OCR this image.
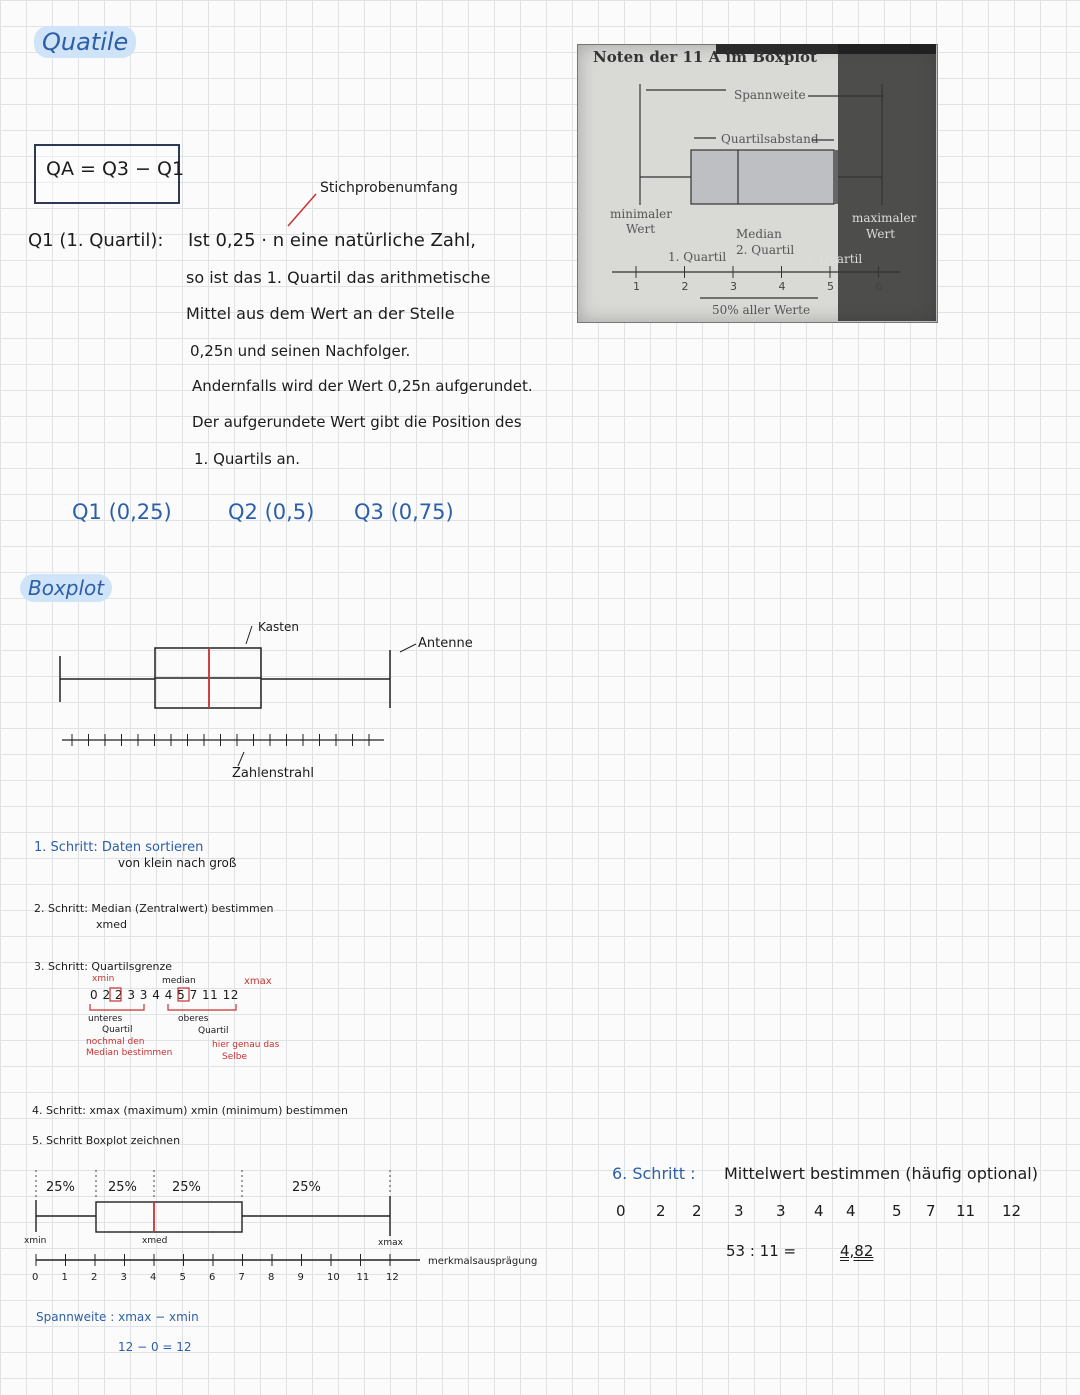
Quatile
QA = Q3 − Q1
Stichprobenumfang
Q1 (1. Quartil): Ist 0,25 · n eine natürliche Zahl,
so ist das 1. Quartil das arithmetische
Mittel aus dem Wert an der Stelle
0,25n und seinen Nachfolger.
Andernfalls wird der Wert 0,25n aufgerundet.
Der aufgerundete Wert gibt die Position des
1. Quartils an.
Q1 (0,25)	Q2 (0,5) Q3 (0,75)
Boxplot
Noten der 11 A im Boxplot
Spannweite
Quartilsabstand
minimaler
Wert	Median
2. Quartil
maximaler
Wert
1. Quartil	3. Quartil
50% aller Werte
1	2	3	4	5	6
Kasten
Antenne
Zahlenstrahl
1. Schritt: Daten sortieren
von klein nach groß
2. Schritt: Median (Zentralwert) bestimmen
xmed
3. Schritt: Quartilsgrenze
xmin	median	xmax
0 2 2 3 3 4 4 5 7 11 12
unteres
Quartil
nochmal den
Median bestimmen
oberes
Quartil
hier genau das
Selbe
4. Schritt: xmax (maximum) xmin (minimum) bestimmen
5. Schritt Boxplot zeichnen
25%	25%	25%	25%
xmin	xmed	xmax
merkmalsausprägung
0 1 2 3 4 5 6 7 8 9 10 11 12
Spannweite : xmax − xmin
12 − 0 = 12
6. Schritt : Mittelwert bestimmen (häufig optional)
0 2 2 3 3 4 4 5 7 11 12
53 : 11 =	4,82
